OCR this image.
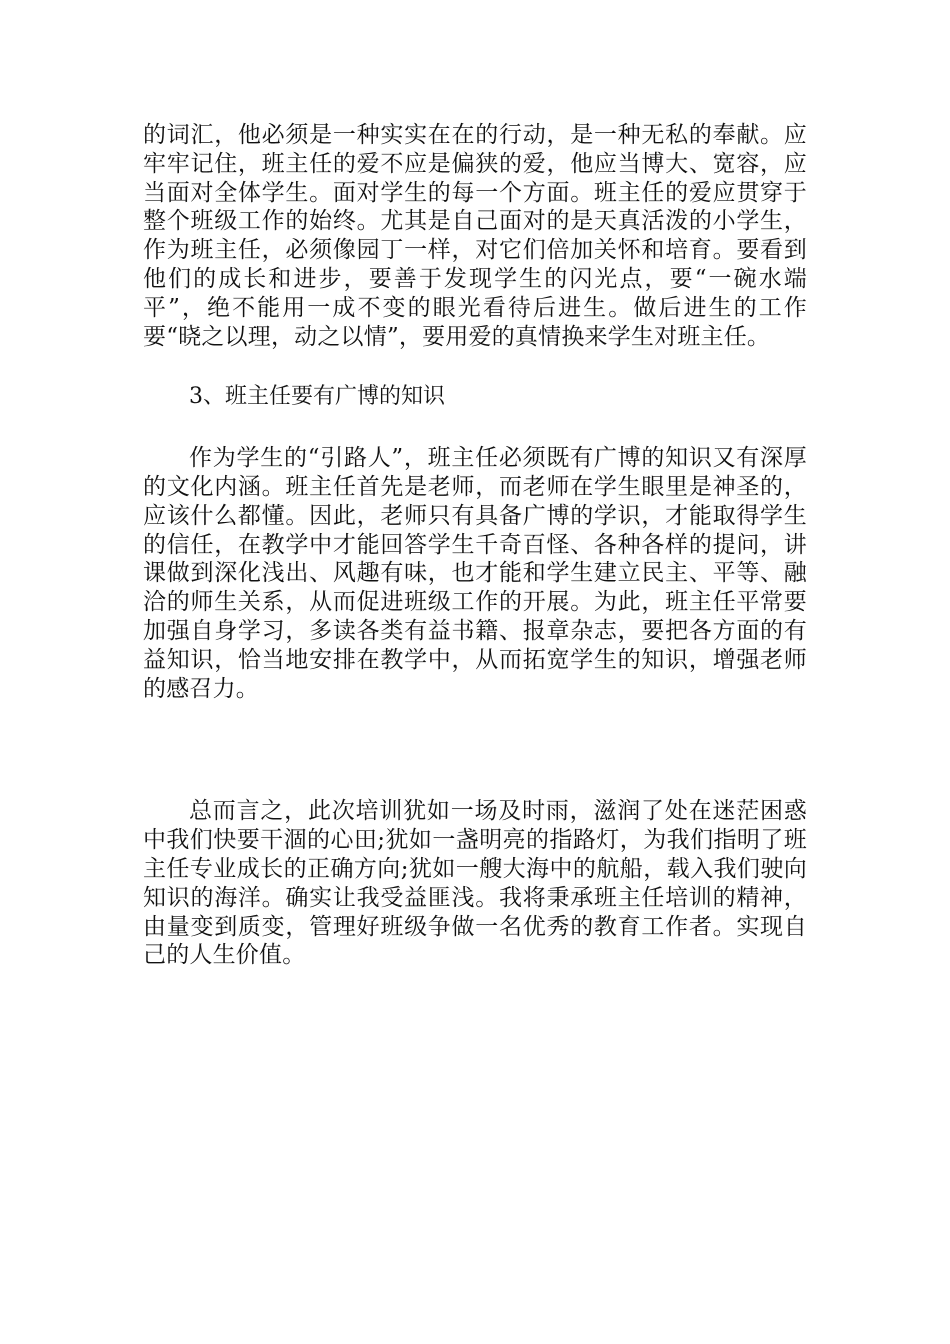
的词汇，他必须是一种实实在在的行动，是一种无私的奉献。应牢牢记住，班主任的爱不应是偏狭的爱，他应当博大、宽容，应当面对全体学生。面对学生的每一个方面。班主任的爱应贯穿于整个班级工作的始终。尤其是自己面对的是天真活泼的小学生，作为班主任，必须像园丁一样，对它们倍加关怀和培育。要看到他们的成长和进步，要善于发现学生的闪光点，要“一碗水端平”，绝不能用一成不变的眼光看待后进生。做后进生的工作要“晓之以理，动之以情”，要用爱的真情换来学生对班主任。

3、班主任要有广博的知识

作为学生的“引路人”，班主任必须既有广博的知识又有深厚的文化内涵。班主任首先是老师，而老师在学生眼里是神圣的，应该什么都懂。因此，老师只有具备广博的学识，才能取得学生的信任，在教学中才能回答学生千奇百怪、各种各样的提问，讲课做到深化浅出、风趣有味，也才能和学生建立民主、平等、融洽的师生关系，从而促进班级工作的开展。为此，班主任平常要加强自身学习，多读各类有益书籍、报章杂志，要把各方面的有益知识，恰当地安排在教学中，从而拓宽学生的知识，增强老师的感召力。

总而言之，此次培训犹如一场及时雨，滋润了处在迷茫困惑中我们快要干涸的心田;犹如一盏明亮的指路灯，为我们指明了班主任专业成长的正确方向;犹如一艘大海中的航船，载入我们驶向知识的海洋。确实让我受益匪浅。我将秉承班主任培训的精神，由量变到质变，管理好班级争做一名优秀的教育工作者。实现自己的人生价值。
